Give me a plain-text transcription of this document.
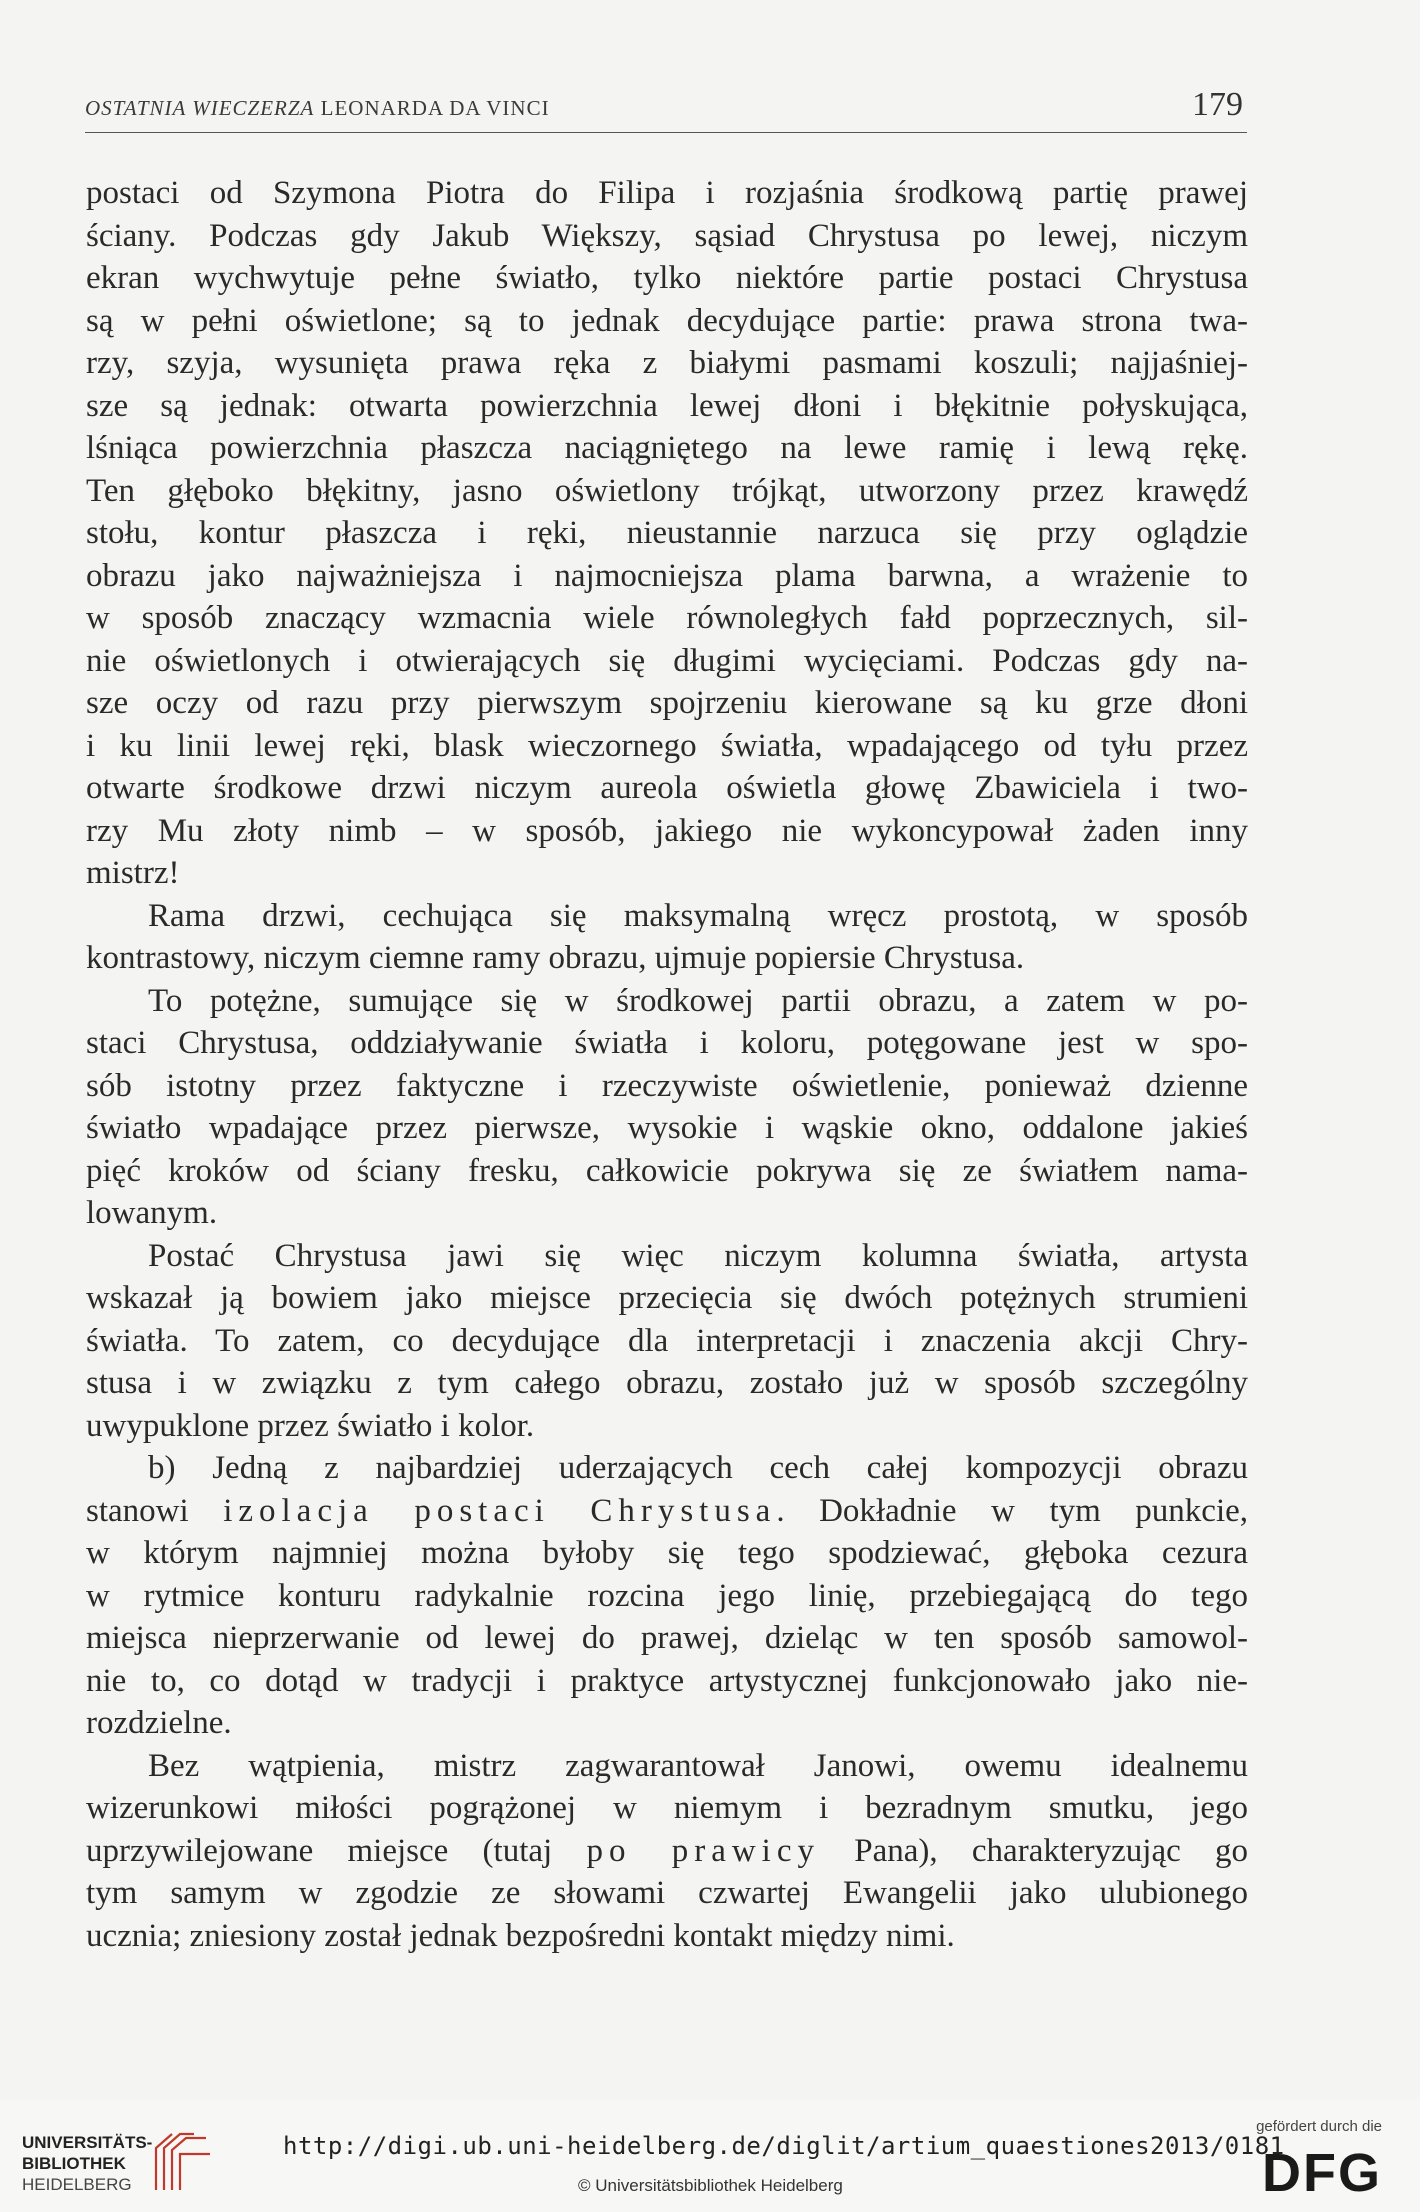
OSTATNIA WIECZERZA LEONARDA DA VINCI	179
postaci od Szymona Piotra do Filipa i rozjaśnia środkową partię prawej
ściany. Podczas gdy Jakub Większy, sąsiad Chrystusa po lewej, niczym
ekran wychwytuje pełne światło, tylko niektóre partie postaci Chrystusa
są w pełni oświetlone; są to jednak decydujące partie: prawa strona twa-
rzy, szyja, wysunięta prawa ręka z białymi pasmami koszuli; najjaśniej-
sze są jednak: otwarta powierzchnia lewej dłoni i błękitnie połyskująca,
lśniąca powierzchnia płaszcza naciągniętego na lewe ramię i lewą rękę.
Ten głęboko błękitny, jasno oświetlony trójkąt, utworzony przez krawędź
stołu, kontur płaszcza i ręki, nieustannie narzuca się przy oglądzie
obrazu jako najważniejsza i najmocniejsza plama barwna, a wrażenie to
w sposób znaczący wzmacnia wiele równoległych fałd poprzecznych, sil-
nie oświetlonych i otwierających się długimi wycięciami. Podczas gdy na-
sze oczy od razu przy pierwszym spojrzeniu kierowane są ku grze dłoni
i ku linii lewej ręki, blask wieczornego światła, wpadającego od tyłu przez
otwarte środkowe drzwi niczym aureola oświetla głowę Zbawiciela i two-
rzy Mu złoty nimb – w sposób, jakiego nie wykoncypował żaden inny
mistrz!
Rama drzwi, cechująca się maksymalną wręcz prostotą, w sposób
kontrastowy, niczym ciemne ramy obrazu, ujmuje popiersie Chrystusa.
To potężne, sumujące się w środkowej partii obrazu, a zatem w po-
staci Chrystusa, oddziaływanie światła i koloru, potęgowane jest w spo-
sób istotny przez faktyczne i rzeczywiste oświetlenie, ponieważ dzienne
światło wpadające przez pierwsze, wysokie i wąskie okno, oddalone jakieś
pięć kroków od ściany fresku, całkowicie pokrywa się ze światłem nama-
lowanym.
Postać Chrystusa jawi się więc niczym kolumna światła, artysta
wskazał ją bowiem jako miejsce przecięcia się dwóch potężnych strumieni
światła. To zatem, co decydujące dla interpretacji i znaczenia akcji Chry-
stusa i w związku z tym całego obrazu, zostało już w sposób szczególny
uwypuklone przez światło i kolor.
b) Jedną z najbardziej uderzających cech całej kompozycji obrazu
stanowi izolacja postaci Chrystusa. Dokładnie w tym punkcie,
w którym najmniej można byłoby się tego spodziewać, głęboka cezura
w rytmice konturu radykalnie rozcina jego linię, przebiegającą do tego
miejsca nieprzerwanie od lewej do prawej, dzieląc w ten sposób samowol-
nie to, co dotąd w tradycji i praktyce artystycznej funkcjonowało jako nie-
rozdzielne.
Bez wątpienia, mistrz zagwarantował Janowi, owemu idealnemu
wizerunkowi miłości pogrążonej w niemym i bezradnym smutku, jego
uprzywilejowane miejsce (tutaj po prawicy Pana), charakteryzując go
tym samym w zgodzie ze słowami czwartej Ewangelii jako ulubionego
ucznia; zniesiony został jednak bezpośredni kontakt między nimi.
UNIVERSITÄTS-
BIBLIOTHEK
HEIDELBERG
http://digi.ub.uni-heidelberg.de/diglit/artium_quaestiones2013/0181
© Universitätsbibliothek Heidelberg
gefördert durch die
DFG
